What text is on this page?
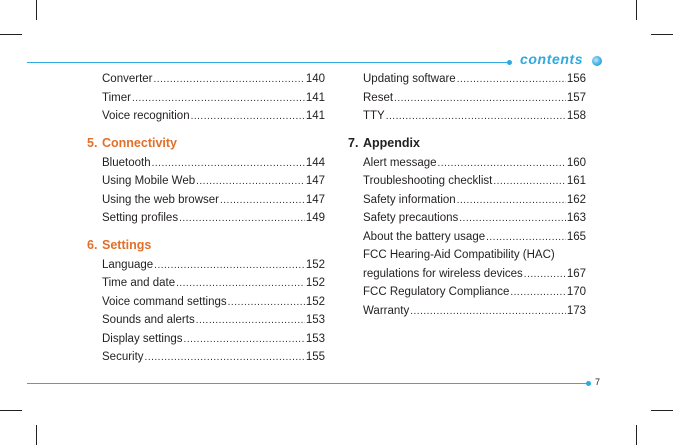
contents
Converter .....	140
Timer .....	141
Voice recognition .....	141
5. Connectivity
Bluetooth .....	144
Using Mobile Web .....	147
Using the web browser .....	147
Setting profiles .....	149
6. Settings
Language .....	152
Time and date .....	152
Voice command settings .....	152
Sounds and alerts .....	153
Display settings .....	153
Security .....	155
Updating software .....	156
Reset .....	157
TTY .....	158
7. Appendix
Alert message .....	160
Troubleshooting checklist .....	161
Safety information .....	162
Safety precautions .....	163
About the battery usage .....	165
FCC Hearing-Aid Compatibility (HAC)
regulations for wireless devices .....	167
FCC Regulatory Compliance .....	170
Warranty .....	173
7
